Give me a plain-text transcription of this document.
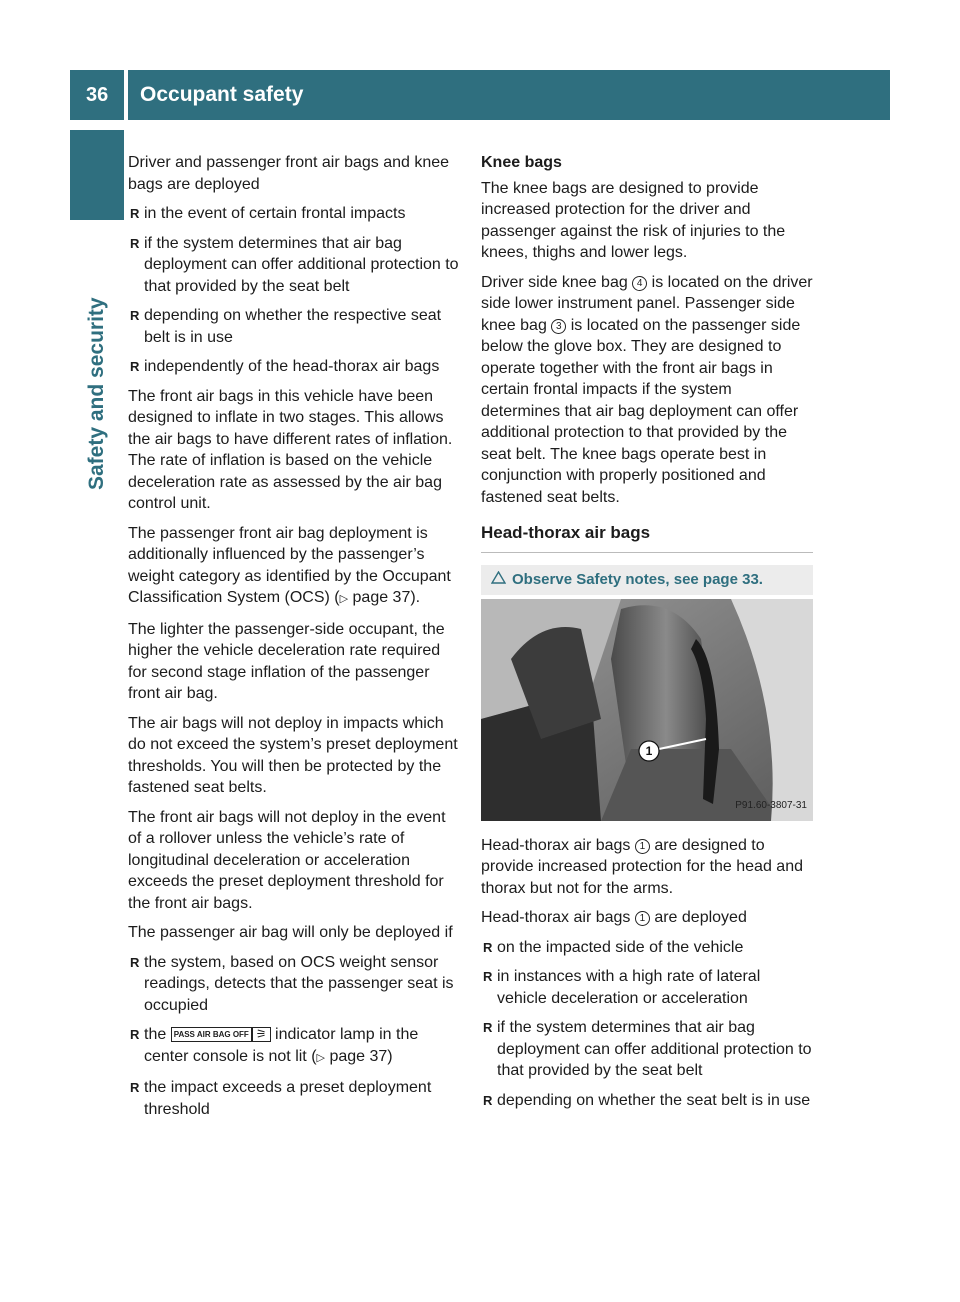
36	Occupant safety
Safety and security

Driver and passenger front air bags and knee bags are deployed

R in the event of certain frontal impacts
R if the system determines that air bag deployment can offer additional protection to that provided by the seat belt
R depending on whether the respective seat belt is in use
R independently of the head-thorax air bags

The front air bags in this vehicle have been designed to inflate in two stages. This allows the air bags to have different rates of inflation. The rate of inflation is based on the vehicle deceleration rate as assessed by the air bag control unit.

The passenger front air bag deployment is additionally influenced by the passenger’s weight category as identified by the Occupant Classification System (OCS) (▷ page 37).

The lighter the passenger-side occupant, the higher the vehicle deceleration rate required for second stage inflation of the passenger front air bag.

The air bags will not deploy in impacts which do not exceed the system’s preset deployment thresholds. You will then be protected by the fastened seat belts.

The front air bags will not deploy in the event of a rollover unless the vehicle’s rate of longitudinal deceleration or acceleration exceeds the preset deployment threshold for the front air bags.

The passenger air bag will only be deployed if

R the system, based on OCS weight sensor readings, detects that the passenger seat is occupied
R the PASS AIR BAG OFF ⚞ indicator lamp in the center console is not lit (▷ page 37)
R the impact exceeds a preset deployment threshold
Knee bags

The knee bags are designed to provide increased protection for the driver and passenger against the risk of injuries to the knees, thighs and lower legs.

Driver side knee bag 4 is located on the driver side lower instrument panel. Passenger side knee bag 3 is located on the passenger side below the glove box. They are designed to operate together with the front air bags in certain frontal impacts if the system determines that air bag deployment can offer additional protection to that provided by the seat belt. The knee bags operate best in conjunction with properly positioned and fastened seat belts.

Head-thorax air bags
Observe Safety notes, see page 33.
1
P91.60-3807-31

Head-thorax air bags 1 are designed to provide increased protection for the head and thorax but not for the arms.

Head-thorax air bags 1 are deployed

R on the impacted side of the vehicle
R in instances with a high rate of lateral vehicle deceleration or acceleration
R if the system determines that air bag deployment can offer additional protection to that provided by the seat belt
R depending on whether the seat belt is in use
